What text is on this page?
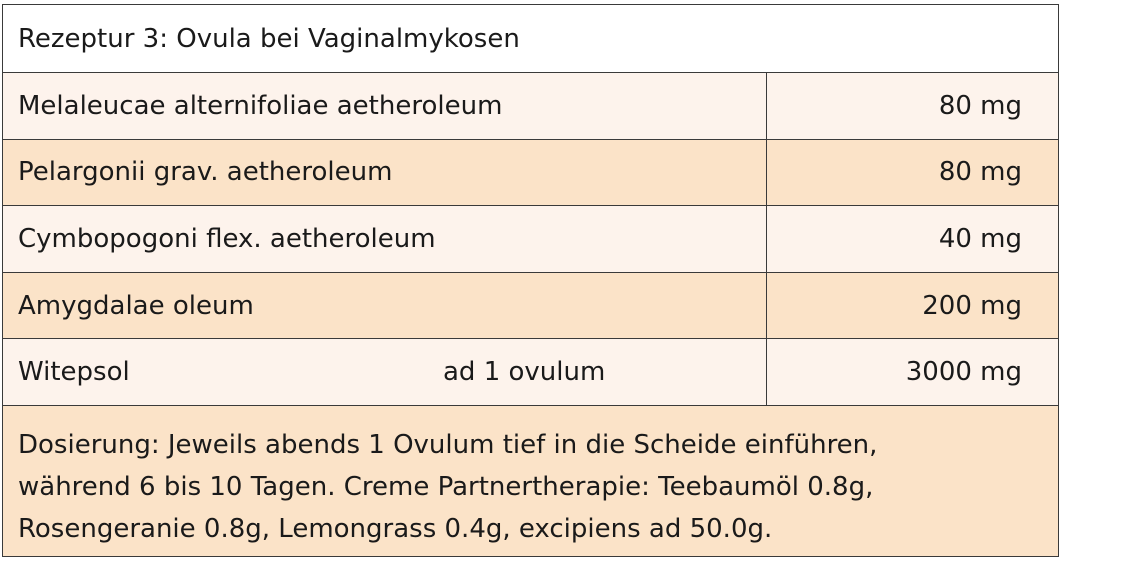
Rezeptur 3: Ovula bei Vaginalmykosen
Melaleucae alternifoliae aetheroleum	80 mg
Pelargonii grav. aetheroleum	80 mg
Cymbopogoni flex. aetheroleum	40 mg
Amygdalae oleum	200 mg
Witepsol	ad 1 ovulum	3000 mg
Dosierung: Jeweils abends 1 Ovulum tief in die Scheide einführen,
während 6 bis 10 Tagen. Creme Partnertherapie: Teebaumöl 0.8g,
Rosengeranie 0.8g, Lemongrass 0.4g, excipiens ad 50.0g.
